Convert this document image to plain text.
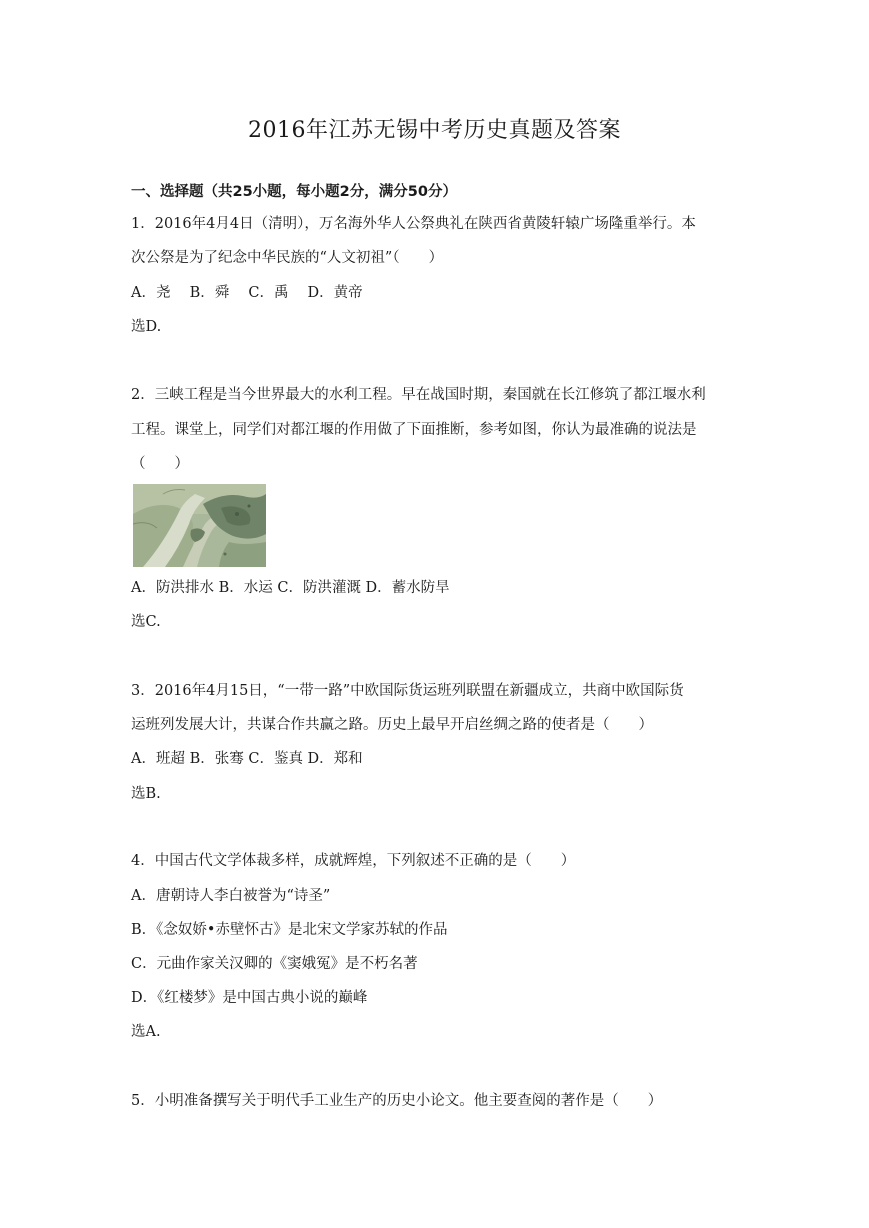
2016年江苏无锡中考历史真题及答案
一、选择题（共25小题，每小题2分，满分50分）
1．2016年4月4日（清明），万名海外华人公祭典礼在陕西省黄陵轩辕广场隆重举行。本
次公祭是为了纪念中华民族的“人文初祖”（　　）
A．尧　 B．舜　 C．禹　 D．黄帝
选D.
2．三峡工程是当今世界最大的水利工程。早在战国时期，秦国就在长江修筑了都江堰水利
工程。课堂上，同学们对都江堰的作用做了下面推断，参考如图，你认为最准确的说法是
（　　）
A．防洪排水 B．水运 C．防洪灌溉 D．蓄水防旱
选C.
3．2016年4月15日，“一带一路”中欧国际货运班列联盟在新疆成立，共商中欧国际货
运班列发展大计，共谋合作共赢之路。历史上最早开启丝绸之路的使者是（　　）
A．班超 B．张骞 C．鉴真 D．郑和
选B.
4．中国古代文学体裁多样，成就辉煌，下列叙述不正确的是（　　）
A．唐朝诗人李白被誉为“诗圣”
B．《念奴娇•赤壁怀古》是北宋文学家苏轼的作品
C．元曲作家关汉卿的《窦娥冤》是不朽名著
D．《红楼梦》是中国古典小说的巅峰
选A.
5．小明准备撰写关于明代手工业生产的历史小论文。他主要查阅的著作是（　　）
